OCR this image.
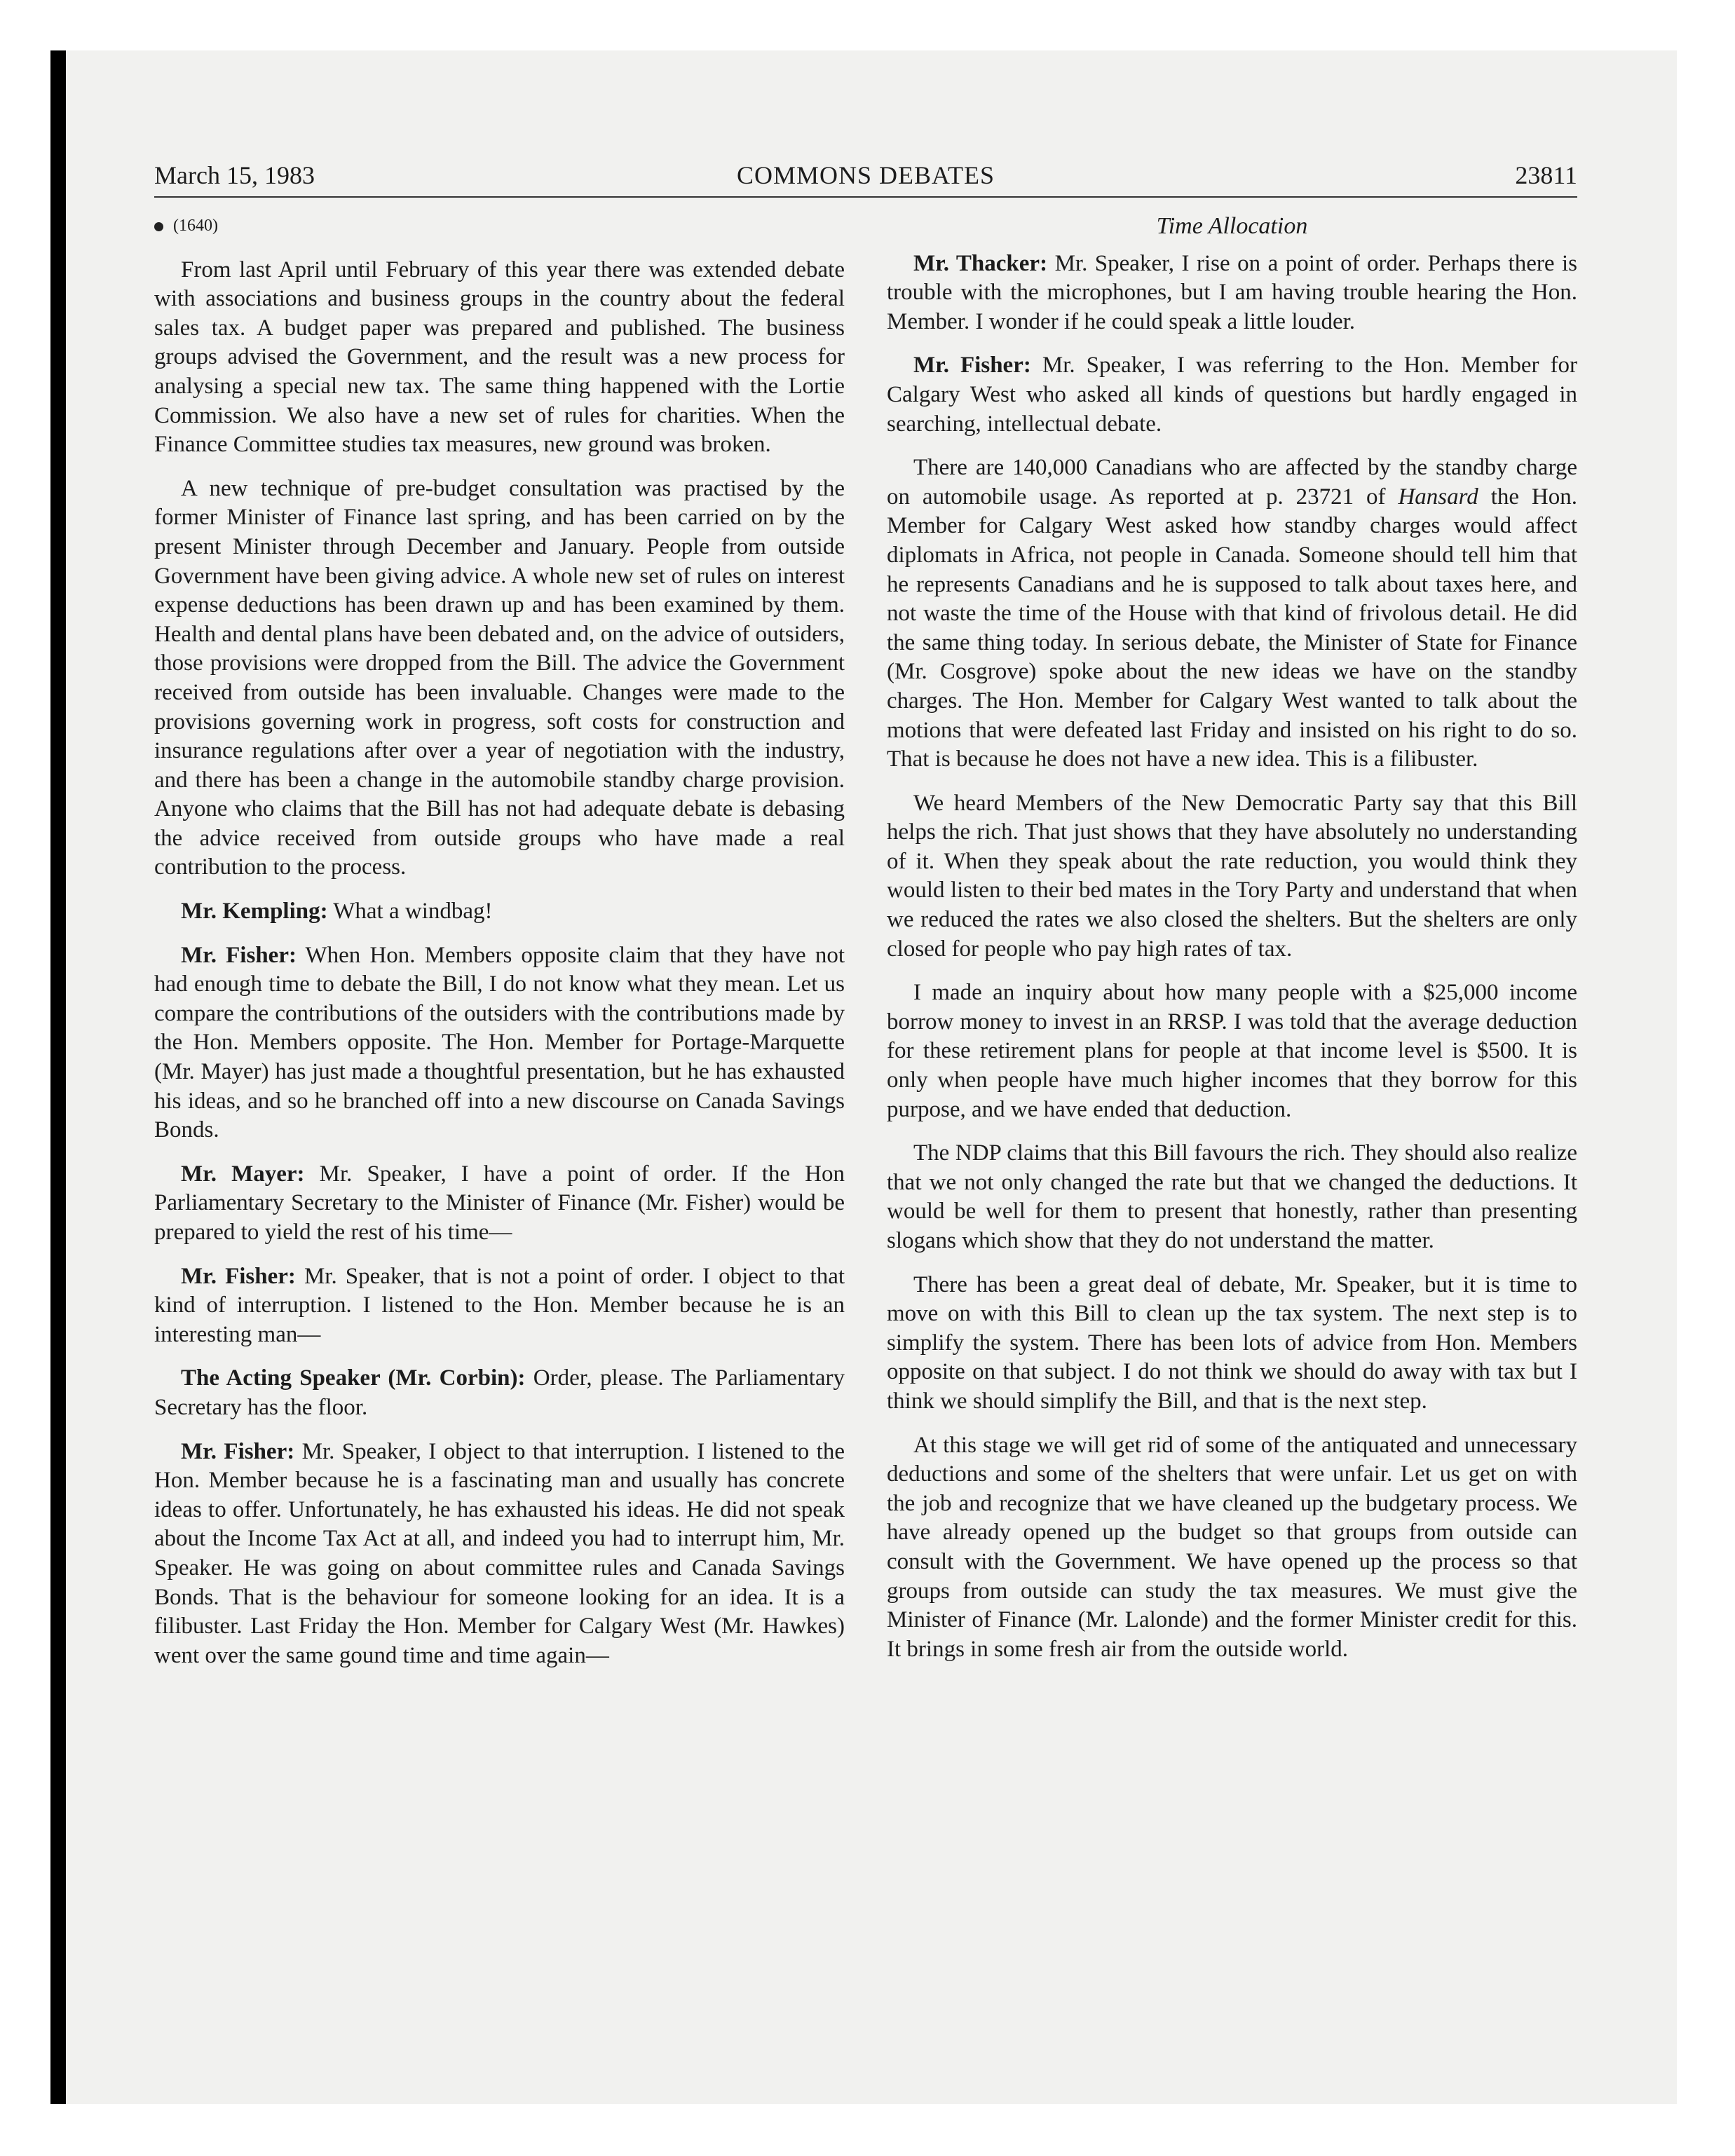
March 15, 1983	COMMONS DEBATES	23811

(1640)

From last April until February of this year there was extended debate with associations and business groups in the country about the federal sales tax. A budget paper was prepared and published. The business groups advised the Government, and the result was a new process for analysing a special new tax. The same thing happened with the Lortie Commission. We also have a new set of rules for charities. When the Finance Committee studies tax measures, new ground was broken.

A new technique of pre-budget consultation was practised by the former Minister of Finance last spring, and has been carried on by the present Minister through December and January. People from outside Government have been giving advice. A whole new set of rules on interest expense deductions has been drawn up and has been examined by them. Health and dental plans have been debated and, on the advice of outsiders, those provisions were dropped from the Bill. The advice the Government received from outside has been invaluable. Changes were made to the provisions governing work in progress, soft costs for construction and insurance regulations after over a year of negotiation with the industry, and there has been a change in the automobile standby charge provision. Anyone who claims that the Bill has not had adequate debate is debasing the advice received from outside groups who have made a real contribution to the process.

Mr. Kempling: What a windbag!

Mr. Fisher: When Hon. Members opposite claim that they have not had enough time to debate the Bill, I do not know what they mean. Let us compare the contributions of the outsiders with the contributions made by the Hon. Members opposite. The Hon. Member for Portage-Marquette (Mr. Mayer) has just made a thoughtful presentation, but he has exhausted his ideas, and so he branched off into a new discourse on Canada Savings Bonds.

Mr. Mayer: Mr. Speaker, I have a point of order. If the Hon Parliamentary Secretary to the Minister of Finance (Mr. Fisher) would be prepared to yield the rest of his time—

Mr. Fisher: Mr. Speaker, that is not a point of order. I object to that kind of interruption. I listened to the Hon. Member because he is an interesting man—

The Acting Speaker (Mr. Corbin): Order, please. The Parliamentary Secretary has the floor.

Mr. Fisher: Mr. Speaker, I object to that interruption. I listened to the Hon. Member because he is a fascinating man and usually has concrete ideas to offer. Unfortunately, he has exhausted his ideas. He did not speak about the Income Tax Act at all, and indeed you had to interrupt him, Mr. Speaker. He was going on about committee rules and Canada Savings Bonds. That is the behaviour for someone looking for an idea. It is a filibuster. Last Friday the Hon. Member for Calgary West (Mr. Hawkes) went over the same gound time and time again—

Time Allocation

Mr. Thacker: Mr. Speaker, I rise on a point of order. Perhaps there is trouble with the microphones, but I am having trouble hearing the Hon. Member. I wonder if he could speak a little louder.

Mr. Fisher: Mr. Speaker, I was referring to the Hon. Member for Calgary West who asked all kinds of questions but hardly engaged in searching, intellectual debate.

There are 140,000 Canadians who are affected by the standby charge on automobile usage. As reported at p. 23721 of Hansard the Hon. Member for Calgary West asked how standby charges would affect diplomats in Africa, not people in Canada. Someone should tell him that he represents Canadians and he is supposed to talk about taxes here, and not waste the time of the House with that kind of frivolous detail. He did the same thing today. In serious debate, the Minister of State for Finance (Mr. Cosgrove) spoke about the new ideas we have on the standby charges. The Hon. Member for Calgary West wanted to talk about the motions that were defeated last Friday and insisted on his right to do so. That is because he does not have a new idea. This is a filibuster.

We heard Members of the New Democratic Party say that this Bill helps the rich. That just shows that they have absolutely no understanding of it. When they speak about the rate reduction, you would think they would listen to their bed mates in the Tory Party and understand that when we reduced the rates we also closed the shelters. But the shelters are only closed for people who pay high rates of tax.

I made an inquiry about how many people with a $25,000 income borrow money to invest in an RRSP. I was told that the average deduction for these retirement plans for people at that income level is $500. It is only when people have much higher incomes that they borrow for this purpose, and we have ended that deduction.

The NDP claims that this Bill favours the rich. They should also realize that we not only changed the rate but that we changed the deductions. It would be well for them to present that honestly, rather than presenting slogans which show that they do not understand the matter.

There has been a great deal of debate, Mr. Speaker, but it is time to move on with this Bill to clean up the tax system. The next step is to simplify the system. There has been lots of advice from Hon. Members opposite on that subject. I do not think we should do away with tax but I think we should simplify the Bill, and that is the next step.

At this stage we will get rid of some of the antiquated and unnecessary deductions and some of the shelters that were unfair. Let us get on with the job and recognize that we have cleaned up the budgetary process. We have already opened up the budget so that groups from outside can consult with the Government. We have opened up the process so that groups from outside can study the tax measures. We must give the Minister of Finance (Mr. Lalonde) and the former Minister credit for this. It brings in some fresh air from the outside world.
